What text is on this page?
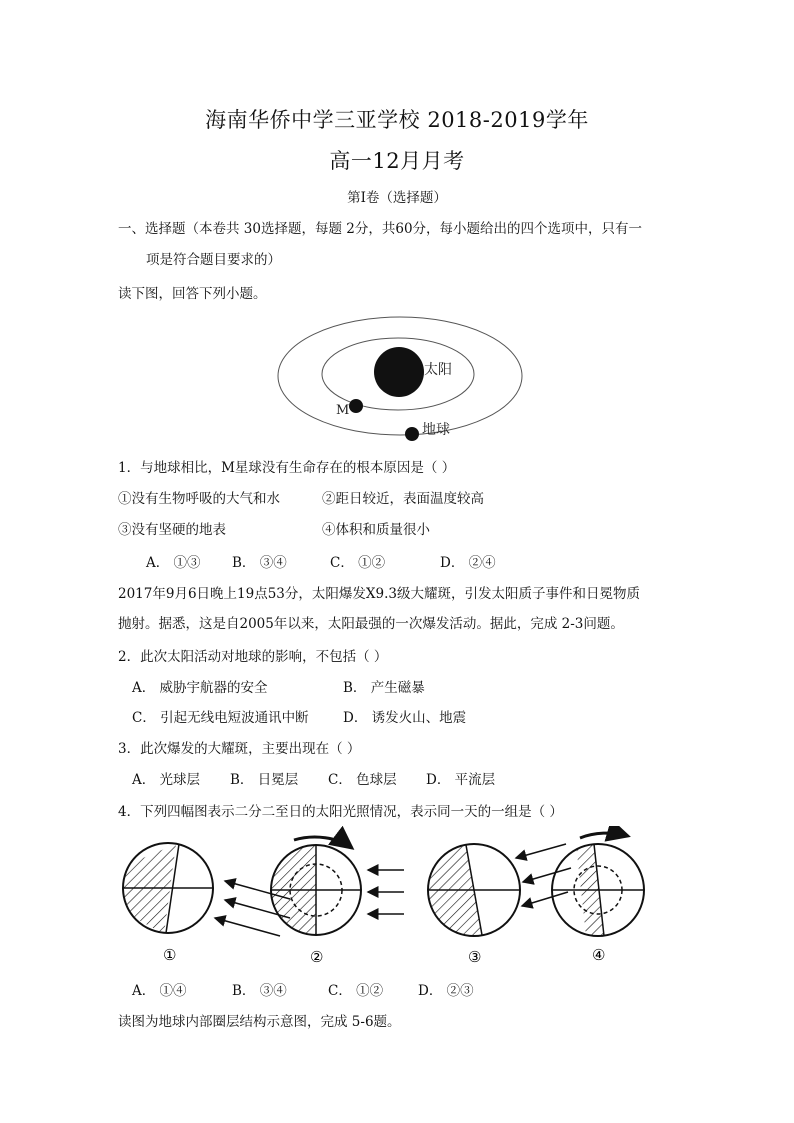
海南华侨中学三亚学校 2018-2019学年
高一12月月考
第Ⅰ卷（选择题）
一、选择题（本卷共 30选择题，每题 2分，共60分，每小题给出的四个选项中，只有一
项是符合题目要求的）
读下图，回答下列小题。
太阳
M
地球
1．与地球相比，M星球没有生命存在的根本原因是（ ）
①没有生物呼吸的大气和水	②距日较近，表面温度较高
③没有坚硬的地表	④体积和质量很小
A． ①③ B． ③④	C． ①②	D． ②④
2017年9月6日晚上19点53分，太阳爆发X9.3级大耀斑，引发太阳质子事件和日冕物质
抛射。据悉，这是自2005年以来，太阳最强的一次爆发活动。据此，完成 2-3问题。
2．此次太阳活动对地球的影响，不包括（ ）
A． 威胁宇航器的安全	B． 产生磁暴
C． 引起无线电短波通讯中断	D． 诱发火山、地震
3．此次爆发的大耀斑，主要出现在（ ）
A． 光球层 B． 日冕层 C． 色球层 D． 平流层
4．下列四幅图表示二分二至日的太阳光照情况，表示同一天的一组是（ ）
①	②	③	④
A． ①④	B． ③④	C． ①②	D． ②③
读图为地球内部圈层结构示意图，完成 5-6题。
